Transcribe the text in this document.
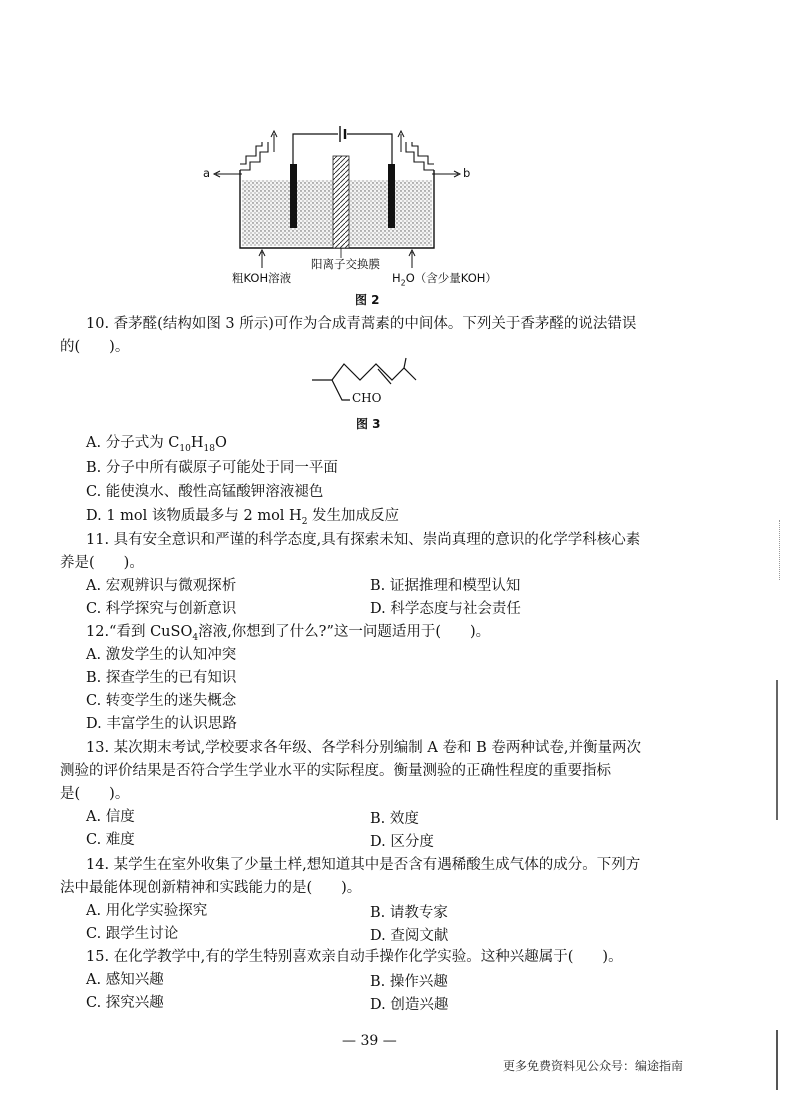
a	b
粗KOH溶液
阳离子交换膜
$H_2O$（含少量KOH）
图 2
10. 香茅醛(结构如图 3 所示)可作为合成青蒿素的中间体。下列关于香茅醛的说法错误
的(　　)。
CHO
图 3
A. 分子式为 $C_{10}H_{18}O$
B. 分子中所有碳原子可能处于同一平面
C. 能使溴水、酸性高锰酸钾溶液褪色
D. 1 mol 该物质最多与 2 mol $H_2$ 发生加成反应
11. 具有安全意识和严谨的科学态度,具有探索未知、崇尚真理的意识的化学学科核心素
养是(　　)。
A. 宏观辨识与微观探析	B. 证据推理和模型认知
C. 科学探究与创新意识	D. 科学态度与社会责任
12.“看到 CuSO$_4$溶液,你想到了什么?”这一问题适用于(　　)。
A. 激发学生的认知冲突
B. 探查学生的已有知识
C. 转变学生的迷失概念
D. 丰富学生的认识思路
13. 某次期末考试,学校要求各年级、各学科分别编制 A 卷和 B 卷两种试卷,并衡量两次
测验的评价结果是否符合学生学业水平的实际程度。衡量测验的正确性程度的重要指标
是(　　)。
A. 信度	B. 效度
C. 难度	D. 区分度
14. 某学生在室外收集了少量土样,想知道其中是否含有遇稀酸生成气体的成分。下列方
法中最能体现创新精神和实践能力的是(　　)。
A. 用化学实验探究	B. 请教专家
C. 跟学生讨论	D. 查阅文献
15. 在化学教学中,有的学生特别喜欢亲自动手操作化学实验。这种兴趣属于(　　)。
A. 感知兴趣	B. 操作兴趣
C. 探究兴趣	D. 创造兴趣
— 39 —
更多免费资料见公众号：编途指南
